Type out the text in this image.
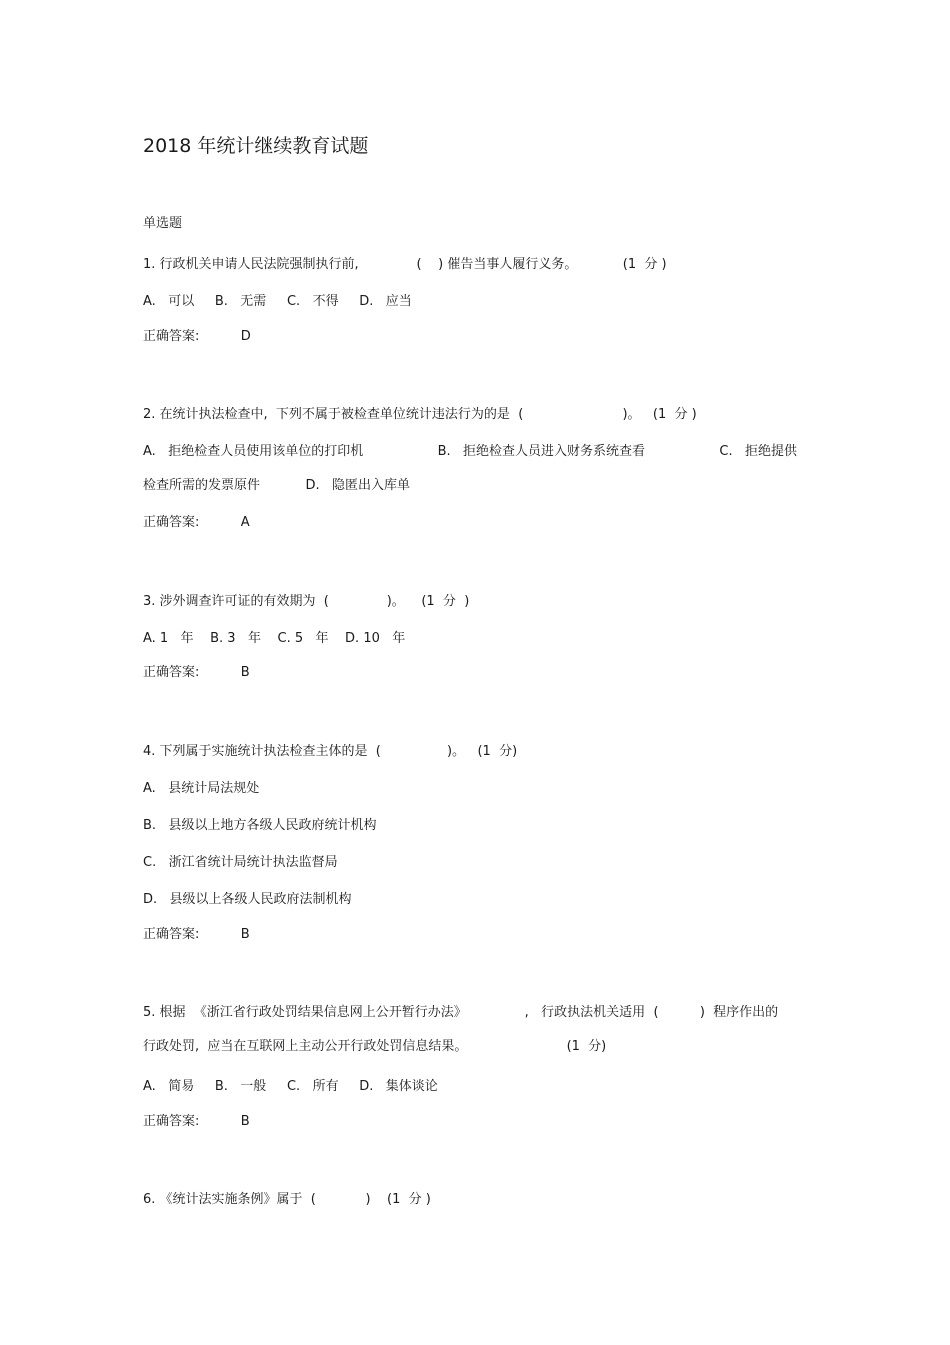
2018 年统计继续教育试题
单选题
1. 行政机关申请人民法院强制执行前,              (    ) 催告当事人履行义务。           (1  分 )
A.   可以     B.   无需     C.   不得     D.   应当
正确答案:          D
2. 在统计执法检查中,  下列不属于被检查单位统计违法行为的是  (                        )。   (1  分 )
A.   拒绝检查人员使用该单位的打印机                  B.   拒绝检查人员进入财务系统查看                  C.   拒绝提供
检查所需的发票原件           D.   隐匿出入库单
正确答案:          A
3. 涉外调查许可证的有效期为  (              )。    (1  分  )
A. 1   年    B. 3   年    C. 5   年    D. 10   年
正确答案:          B
4. 下列属于实施统计执法检查主体的是  (                )。   (1  分)
A.   县统计局法规处
B.   县级以上地方各级人民政府统计机构
C.   浙江省统计局统计执法监督局
D.   县级以上各级人民政府法制机构
正确答案:          B
5. 根据  《浙江省行政处罚结果信息网上公开暂行办法》              ,   行政执法机关适用  (          )  程序作出的
行政处罚,  应当在互联网上主动公开行政处罚信息结果。                        (1  分)
A.   简易     B.   一般     C.   所有     D.   集体谈论
正确答案:          B
6. 《统计法实施条例》属于  (            )    (1  分 )
